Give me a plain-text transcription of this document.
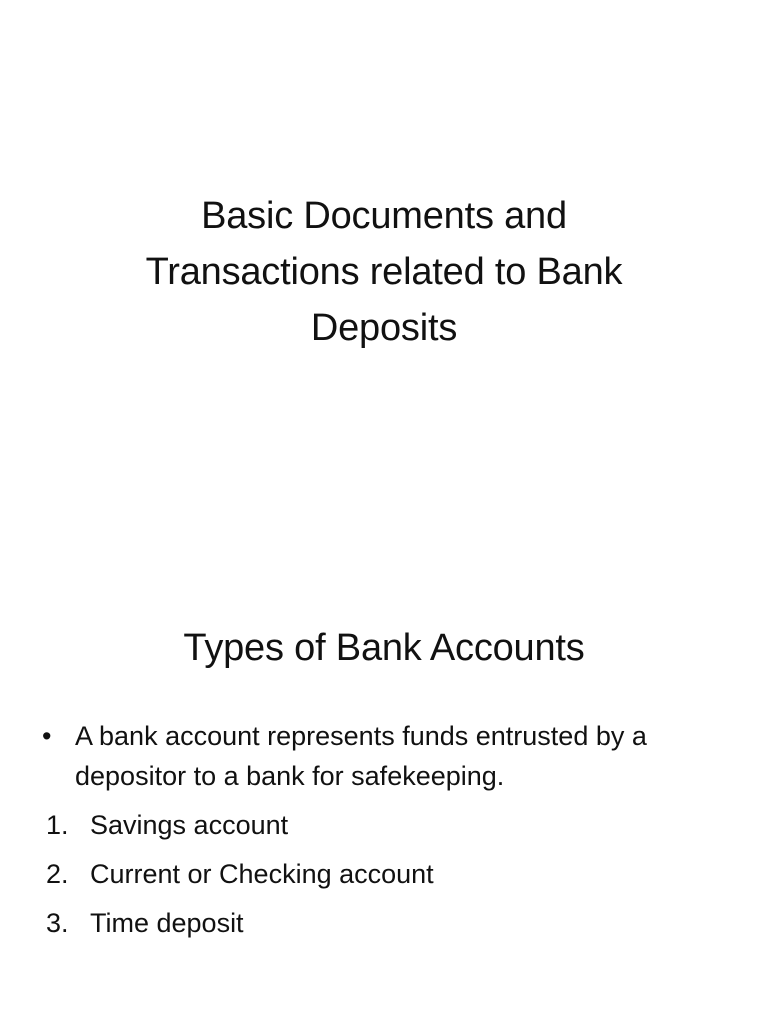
Basic Documents and
Transactions related to Bank
Deposits
Types of Bank Accounts
• A bank account represents funds entrusted by a depositor to a bank for safekeeping.
1. Savings account
2. Current or Checking account
3. Time deposit
